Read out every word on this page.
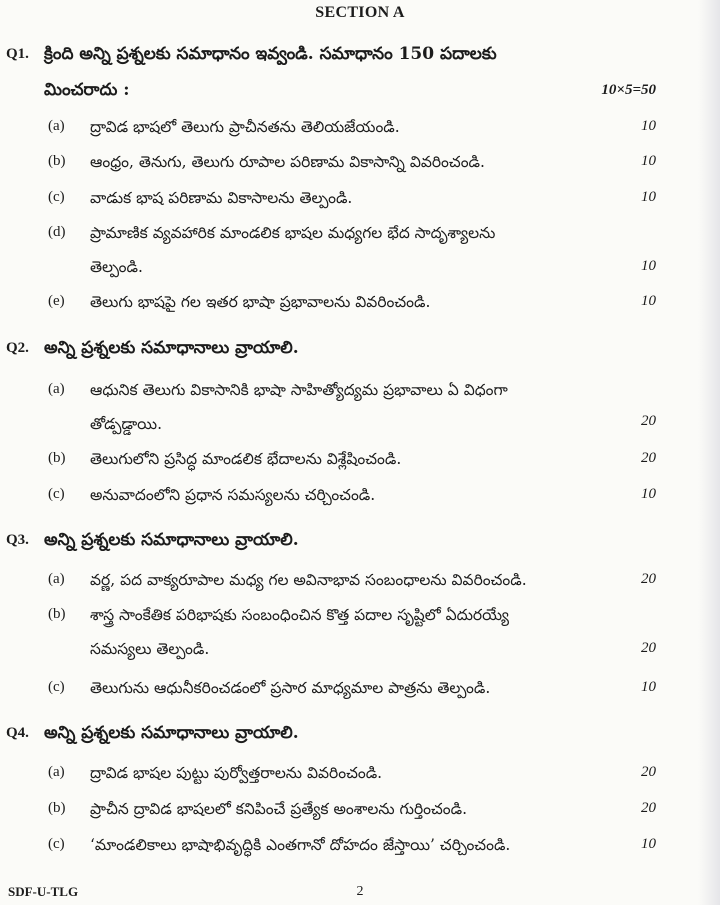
SECTION A
Q1. క్రింది అన్ని ప్రశ్నలకు సమాధానం ఇవ్వండి. సమాధానం 150 పదాలకు
మించరాదు :	10×5=50
(a) ద్రావిడ భాషలో తెలుగు ప్రాచీనతను తెలియజేయండి.	10
(b) ఆంధ్రం, తెనుగు, తెలుగు రూపాల పరిణామ వికాసాన్ని వివరించండి.	10
(c) వాడుక భాష పరిణామ వికాసాలను తెల్పండి.	10
(d) ప్రామాణిక వ్యవహారిక మాండలిక భాషల మధ్యగల భేద సాదృశ్యాలను
తెల్పండి.	10
(e) తెలుగు భాషపై గల ఇతర భాషా ప్రభావాలను వివరించండి.	10
Q2. అన్ని ప్రశ్నలకు సమాధానాలు వ్రాయాలి.
(a) ఆధునిక తెలుగు వికాసానికి భాషా సాహిత్యోద్యమ ప్రభావాలు ఏ విధంగా
తోడ్పడ్డాయి.	20
(b) తెలుగులోని ప్రసిద్ధ మాండలిక భేదాలను విశ్లేషించండి.	20
(c) అనువాదంలోని ప్రధాన సమస్యలను చర్చించండి.	10
Q3. అన్ని ప్రశ్నలకు సమాధానాలు వ్రాయాలి.
(a) వర్ణ, పద వాక్యరూపాల మధ్య గల అవినాభావ సంబంధాలను వివరించండి.	20
(b) శాస్త్ర సాంకేతిక పరిభాషకు సంబంధించిన కొత్త పదాల సృష్టిలో ఏదురయ్యే
సమస్యలు తెల్పండి.	20
(c) తెలుగును ఆధునీకరించడంలో ప్రసార మాధ్యమాల పాత్రను తెల్పండి.	10
Q4. అన్ని ప్రశ్నలకు సమాధానాలు వ్రాయాలి.
(a) ద్రావిడ భాషల పుట్టు పుర్వోత్తరాలను వివరించండి.	20
(b) ప్రాచీన ద్రావిడ భాషలలో కనిపించే ప్రత్యేక అంశాలను గుర్తించండి.	20
(c) ‘మాండలికాలు భాషాభివృద్ధికి ఎంతగానో దోహదం జేస్తాయి’ చర్చించండి.	10
SDF-U-TLG	2
